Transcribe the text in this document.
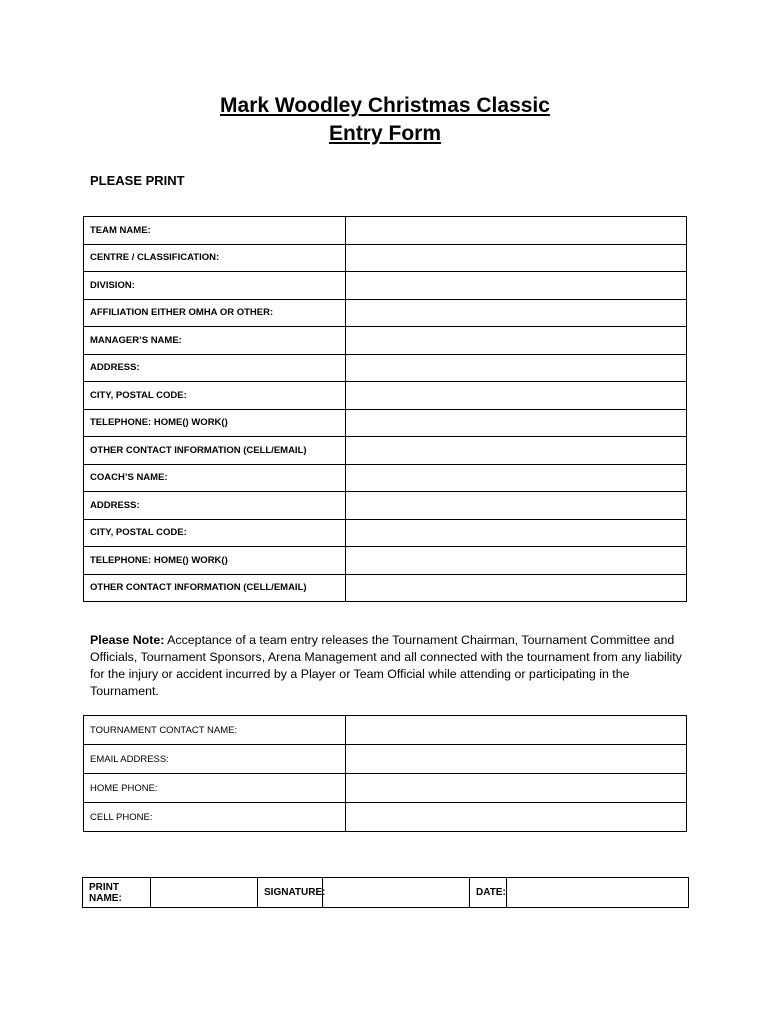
Mark Woodley Christmas Classic
Entry Form
PLEASE PRINT
TEAM NAME:	
CENTRE / CLASSIFICATION:	
DIVISION:	
AFFILIATION EITHER OMHA OR OTHER:	
MANAGER’S NAME:	
ADDRESS:	
CITY, POSTAL CODE:	
TELEPHONE: HOME() WORK()	
OTHER CONTACT INFORMATION (CELL/EMAIL)	
COACH’S NAME:	
ADDRESS:	
CITY, POSTAL CODE:	
TELEPHONE: HOME() WORK()	
OTHER CONTACT INFORMATION (CELL/EMAIL)	
Please Note: Acceptance of a team entry releases the Tournament Chairman, Tournament Committee and Officials, Tournament Sponsors, Arena Management and all connected with the tournament from any liability for the injury or accident incurred by a Player or Team Official while attending or participating in the Tournament.
TOURNAMENT CONTACT NAME:	
EMAIL ADDRESS:	
HOME PHONE:	
CELL PHONE:	
PRINT NAME:		SIGNATURE:		DATE:	
